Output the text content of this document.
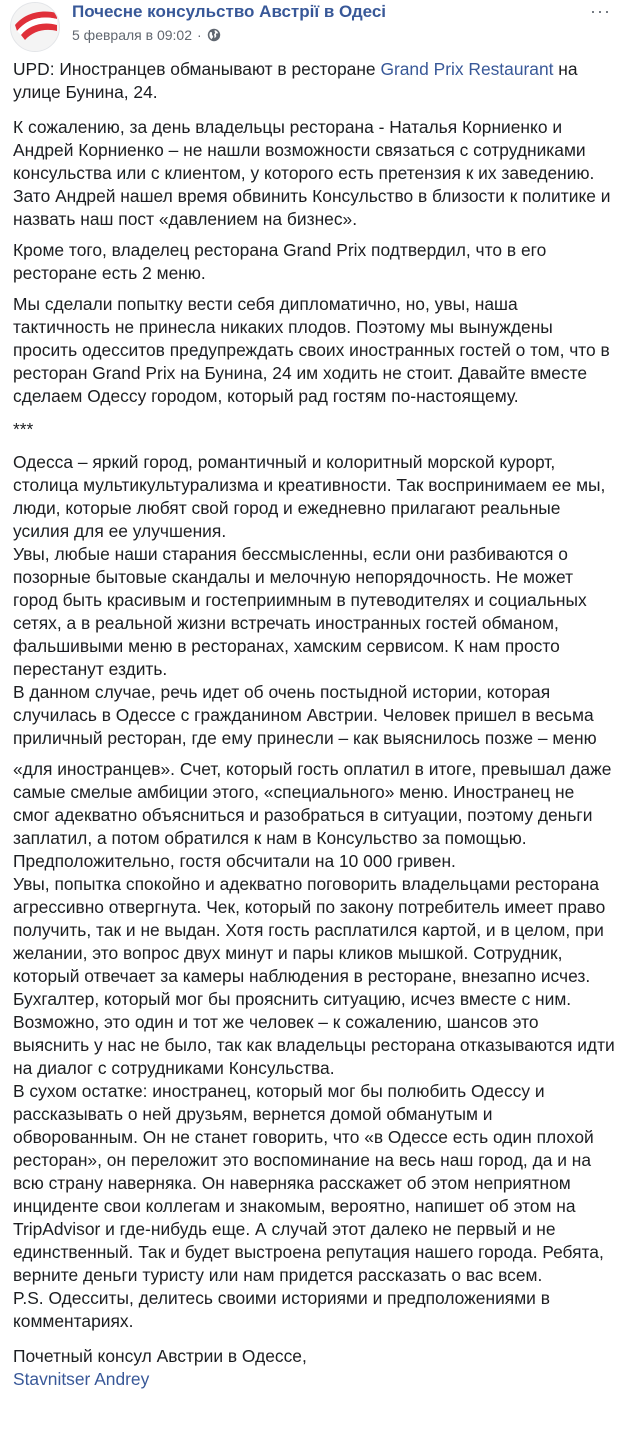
Почесне консульство Австрії в Одесі
5 февраля в 09:02 ·
···

UPD: Иностранцев обманывают в ресторане Grand Prix Restaurant на улице Бунина, 24.

К сожалению, за день владельцы ресторана - Наталья Корниенко и Андрей Корниенко – не нашли возможности связаться с сотрудниками консульства или с клиентом, у которого есть претензия к их заведению. Зато Андрей нашел время обвинить Консульство в близости к политике и назвать наш пост «давлением на бизнес».

Кроме того, владелец ресторана Grand Prix подтвердил, что в его ресторане есть 2 меню.

Мы сделали попытку вести себя дипломатично, но, увы, наша тактичность не принесла никаких плодов. Поэтому мы вынуждены просить одесситов предупреждать своих иностранных гостей о том, что в ресторан Grand Prix на Бунина, 24 им ходить не стоит. Давайте вместе сделаем Одессу городом, который рад гостям по-настоящему.

***

Одесса – яркий город, романтичный и колоритный морской курорт, столица мультикультурализма и креативности. Так воспринимаем ее мы, люди, которые любят свой город и ежедневно прилагают реальные усилия для ее улучшения.

Увы, любые наши старания бессмысленны, если они разбиваются о позорные бытовые скандалы и мелочную непорядочность. Не может город быть красивым и гостеприимным в путеводителях и социальных сетях, а в реальной жизни встречать иностранных гостей обманом, фальшивыми меню в ресторанах, хамским сервисом. К нам просто перестанут ездить.

В данном случае, речь идет об очень постыдной истории, которая случилась в Одессе с гражданином Австрии. Человек пришел в весьма приличный ресторан, где ему принесли – как выяснилось позже – меню

«для иностранцев». Счет, который гость оплатил в итоге, превышал даже самые смелые амбиции этого, «специального» меню. Иностранец не смог адекватно объясниться и разобраться в ситуации, поэтому деньги заплатил, а потом обратился к нам в Консульство за помощью. Предположительно, гостя обсчитали на 10 000 гривен.

Увы, попытка спокойно и адекватно поговорить владельцами ресторана агрессивно отвергнута. Чек, который по закону потребитель имеет право получить, так и не выдан. Хотя гость расплатился картой, и в целом, при желании, это вопрос двух минут и пары кликов мышкой. Сотрудник, который отвечает за камеры наблюдения в ресторане, внезапно исчез. Бухгалтер, который мог бы прояснить ситуацию, исчез вместе с ним. Возможно, это один и тот же человек – к сожалению, шансов это выяснить у нас не было, так как владельцы ресторана отказываются идти на диалог с сотрудниками Консульства.

В сухом остатке: иностранец, который мог бы полюбить Одессу и рассказывать о ней друзьям, вернется домой обманутым и обворованным. Он не станет говорить, что «в Одессе есть один плохой ресторан», он переложит это воспоминание на весь наш город, да и на всю страну наверняка. Он наверняка расскажет об этом неприятном инциденте свои коллегам и знакомым, вероятно, напишет об этом на TripAdvisor и где-нибудь еще. А случай этот далеко не первый и не единственный. Так и будет выстроена репутация нашего города. Ребята, верните деньги туристу или нам придется рассказать о вас всем.

P.S. Одесситы, делитесь своими историями и предположениями в комментариях.

Почетный консул Австрии в Одессе,

Stavnitser Andrey
